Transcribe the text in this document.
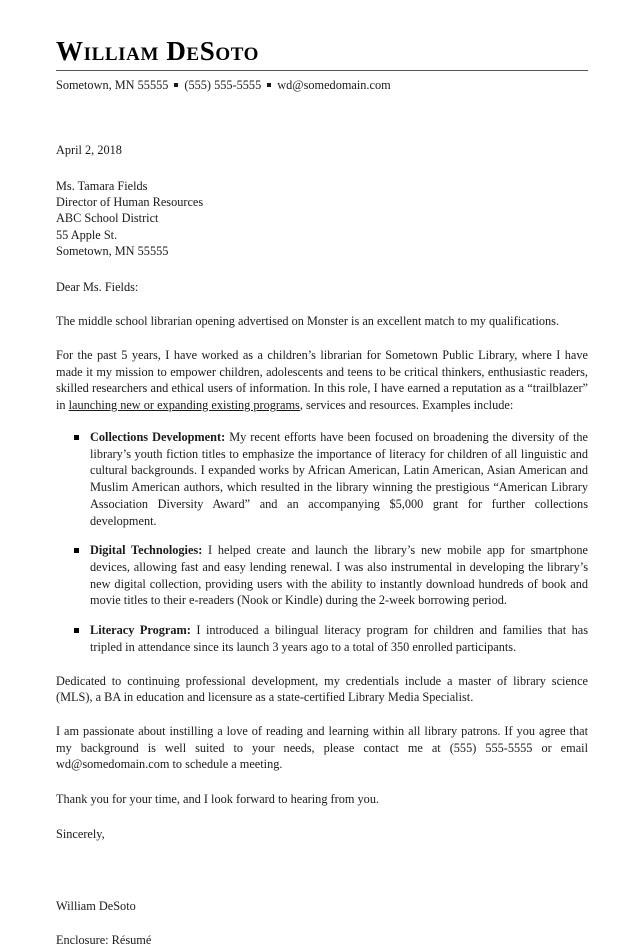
William DeSoto

Sometown, MN 55555 (555) 555-5555 wd@somedomain.com

April 2, 2018

Ms. Tamara Fields
Director of Human Resources
ABC School District
55 Apple St.
Sometown, MN 55555

Dear Ms. Fields:

The middle school librarian opening advertised on Monster is an excellent match to my qualifications.

For the past 5 years, I have worked as a children’s librarian for Sometown Public Library, where I have made it my mission to empower children, adolescents and teens to be critical thinkers, enthusiastic readers, skilled researchers and ethical users of information. In this role, I have earned a reputation as a “trailblazer” in launching new or expanding existing programs, services and resources. Examples include:

Collections Development: My recent efforts have been focused on broadening the diversity of the library’s youth fiction titles to emphasize the importance of literacy for children of all linguistic and cultural backgrounds. I expanded works by African American, Latin American, Asian American and Muslim American authors, which resulted in the library winning the prestigious “American Library Association Diversity Award” and an accompanying $5,000 grant for further collections development.
Digital Technologies: I helped create and launch the library’s new mobile app for smartphone devices, allowing fast and easy lending renewal. I was also instrumental in developing the library’s new digital collection, providing users with the ability to instantly download hundreds of book and movie titles to their e-readers (Nook or Kindle) during the 2-week borrowing period.
Literacy Program: I introduced a bilingual literacy program for children and families that has tripled in attendance since its launch 3 years ago to a total of 350 enrolled participants.

Dedicated to continuing professional development, my credentials include a master of library science (MLS), a BA in education and licensure as a state-certified Library Media Specialist.

I am passionate about instilling a love of reading and learning within all library patrons. If you agree that my background is well suited to your needs, please contact me at (555) 555-5555 or email wd@somedomain.com to schedule a meeting.

Thank you for your time, and I look forward to hearing from you.

Sincerely,

William DeSoto

Enclosure: Résumé
